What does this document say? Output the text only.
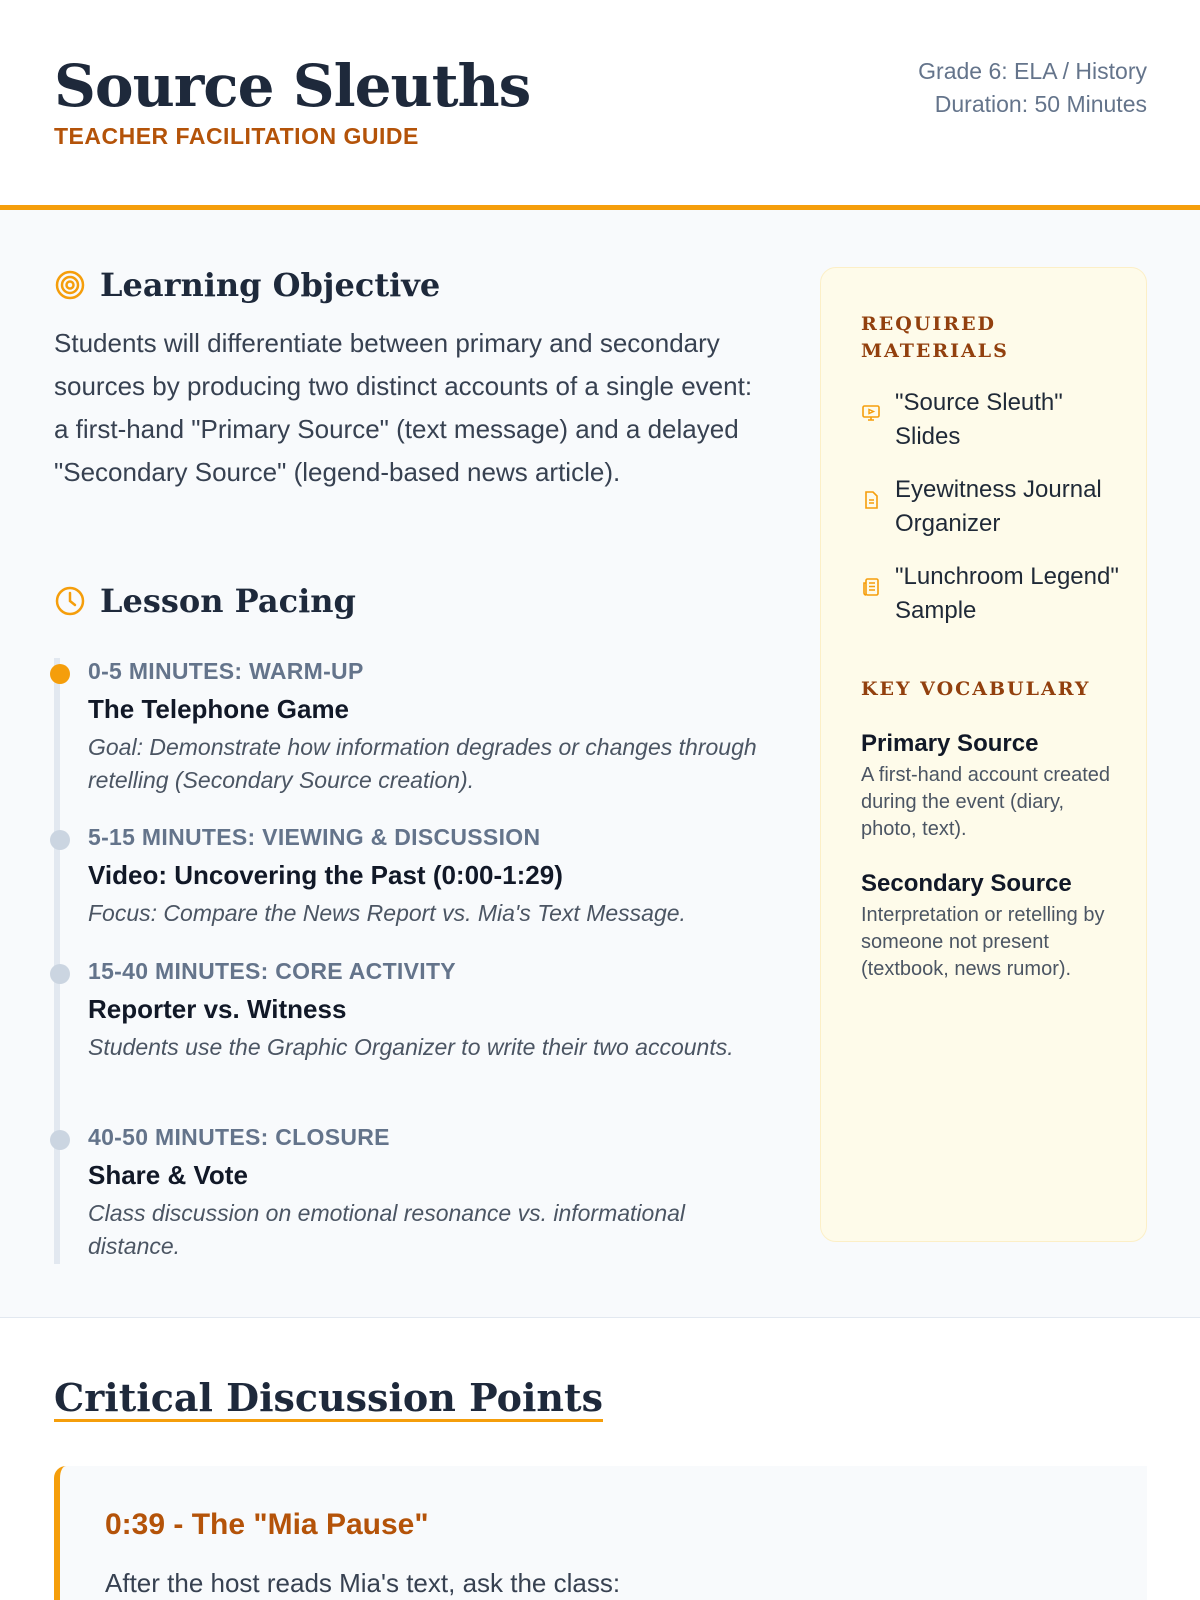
Source Sleuths
TEACHER FACILITATION GUIDE
Grade 6: ELA / History
Duration: 50 Minutes
Learning Objective

Students will differentiate between primary and secondary sources by producing two distinct accounts of a single event: a first-hand "Primary Source" (text message) and a delayed "Secondary Source" (legend-based news article).

Lesson Pacing
0-5 MINUTES: WARM-UP
The Telephone Game
Goal: Demonstrate how information degrades or changes through retelling (Secondary Source creation).
5-15 MINUTES: VIEWING & DISCUSSION
Video: Uncovering the Past (0:00-1:29)
Focus: Compare the News Report vs. Mia's Text Message.
15-40 MINUTES: CORE ACTIVITY
Reporter vs. Witness
Students use the Graphic Organizer to write their two accounts.
40-50 MINUTES: CLOSURE
Share & Vote
Class discussion on emotional resonance vs. informational distance.
REQUIRED MATERIALS
"Source Sleuth" Slides
Eyewitness Journal Organizer
"Lunchroom Legend" Sample
KEY VOCABULARY
Primary Source
A first-hand account created during the event (diary, photo, text).
Secondary Source
Interpretation or retelling by someone not present (textbook, news rumor).
Critical Discussion Points
0:39 - The "Mia Pause"
After the host reads Mia's text, ask the class:
